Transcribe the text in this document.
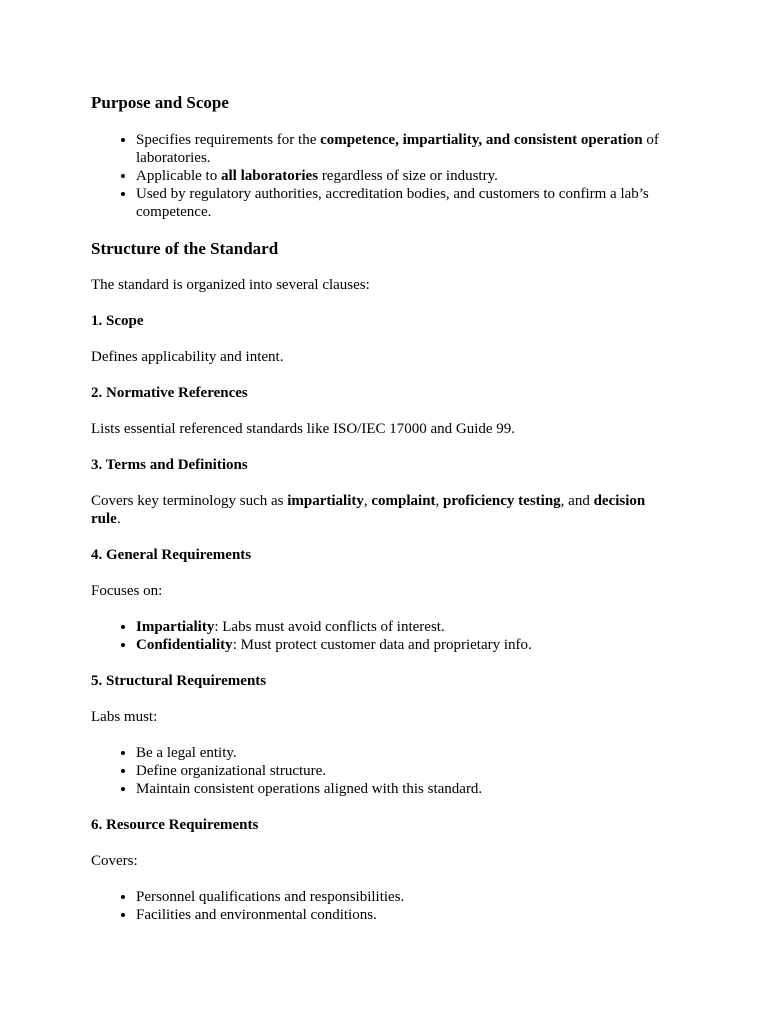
Purpose and Scope
• Specifies requirements for the competence, impartiality, and consistent operation of laboratories.
• Applicable to all laboratories regardless of size or industry.
• Used by regulatory authorities, accreditation bodies, and customers to confirm a lab’s competence.
Structure of the Standard

The standard is organized into several clauses:

1. Scope

Defines applicability and intent.

2. Normative References

Lists essential referenced standards like ISO/IEC 17000 and Guide 99.

3. Terms and Definitions

Covers key terminology such as impartiality, complaint, proficiency testing, and decision rule.

4. General Requirements

Focuses on:

• Impartiality: Labs must avoid conflicts of interest.
• Confidentiality: Must protect customer data and proprietary info.
5. Structural Requirements

Labs must:

• Be a legal entity.
• Define organizational structure.
• Maintain consistent operations aligned with this standard.
6. Resource Requirements

Covers:

• Personnel qualifications and responsibilities.
• Facilities and environmental conditions.
